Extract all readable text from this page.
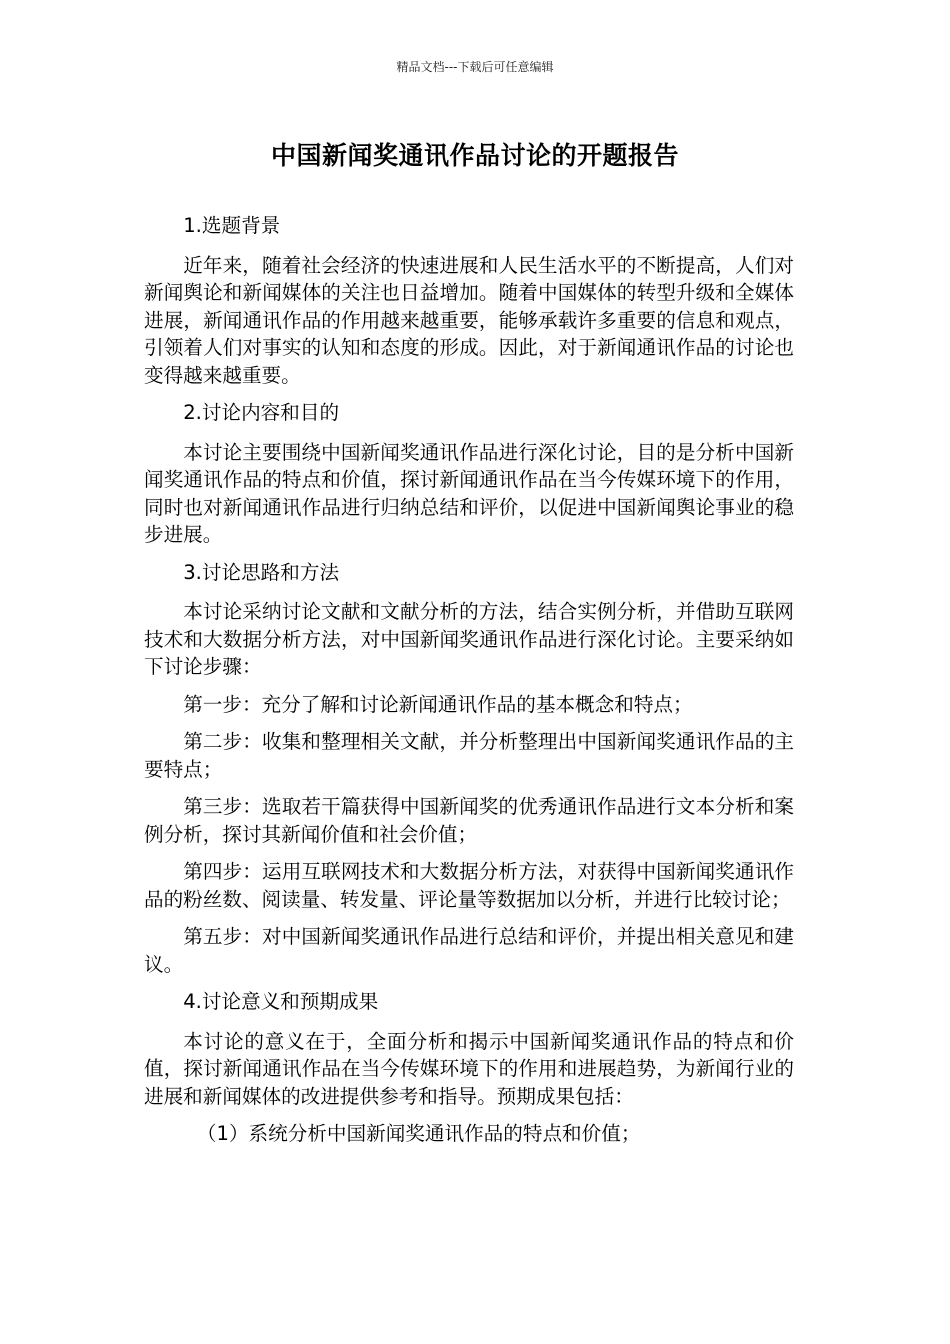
精品文档---下载后可任意编辑
中国新闻奖通讯作品讨论的开题报告

1.选题背景

近年来，随着社会经济的快速进展和人民生活水平的不断提高，人们对新闻舆论和新闻媒体的关注也日益增加。随着中国媒体的转型升级和全媒体进展，新闻通讯作品的作用越来越重要，能够承载许多重要的信息和观点，引领着人们对事实的认知和态度的形成。因此，对于新闻通讯作品的讨论也变得越来越重要。

2.讨论内容和目的

本讨论主要围绕中国新闻奖通讯作品进行深化讨论，目的是分析中国新闻奖通讯作品的特点和价值，探讨新闻通讯作品在当今传媒环境下的作用，同时也对新闻通讯作品进行归纳总结和评价，以促进中国新闻舆论事业的稳步进展。

3.讨论思路和方法

本讨论采纳讨论文献和文献分析的方法，结合实例分析，并借助互联网技术和大数据分析方法，对中国新闻奖通讯作品进行深化讨论。主要采纳如下讨论步骤：

第一步：充分了解和讨论新闻通讯作品的基本概念和特点；

第二步：收集和整理相关文献，并分析整理出中国新闻奖通讯作品的主要特点；

第三步：选取若干篇获得中国新闻奖的优秀通讯作品进行文本分析和案例分析，探讨其新闻价值和社会价值；

第四步：运用互联网技术和大数据分析方法，对获得中国新闻奖通讯作品的粉丝数、阅读量、转发量、评论量等数据加以分析，并进行比较讨论；

第五步：对中国新闻奖通讯作品进行总结和评价，并提出相关意见和建议。

4.讨论意义和预期成果

本讨论的意义在于，全面分析和揭示中国新闻奖通讯作品的特点和价值，探讨新闻通讯作品在当今传媒环境下的作用和进展趋势，为新闻行业的进展和新闻媒体的改进提供参考和指导。预期成果包括：

（1）系统分析中国新闻奖通讯作品的特点和价值；
